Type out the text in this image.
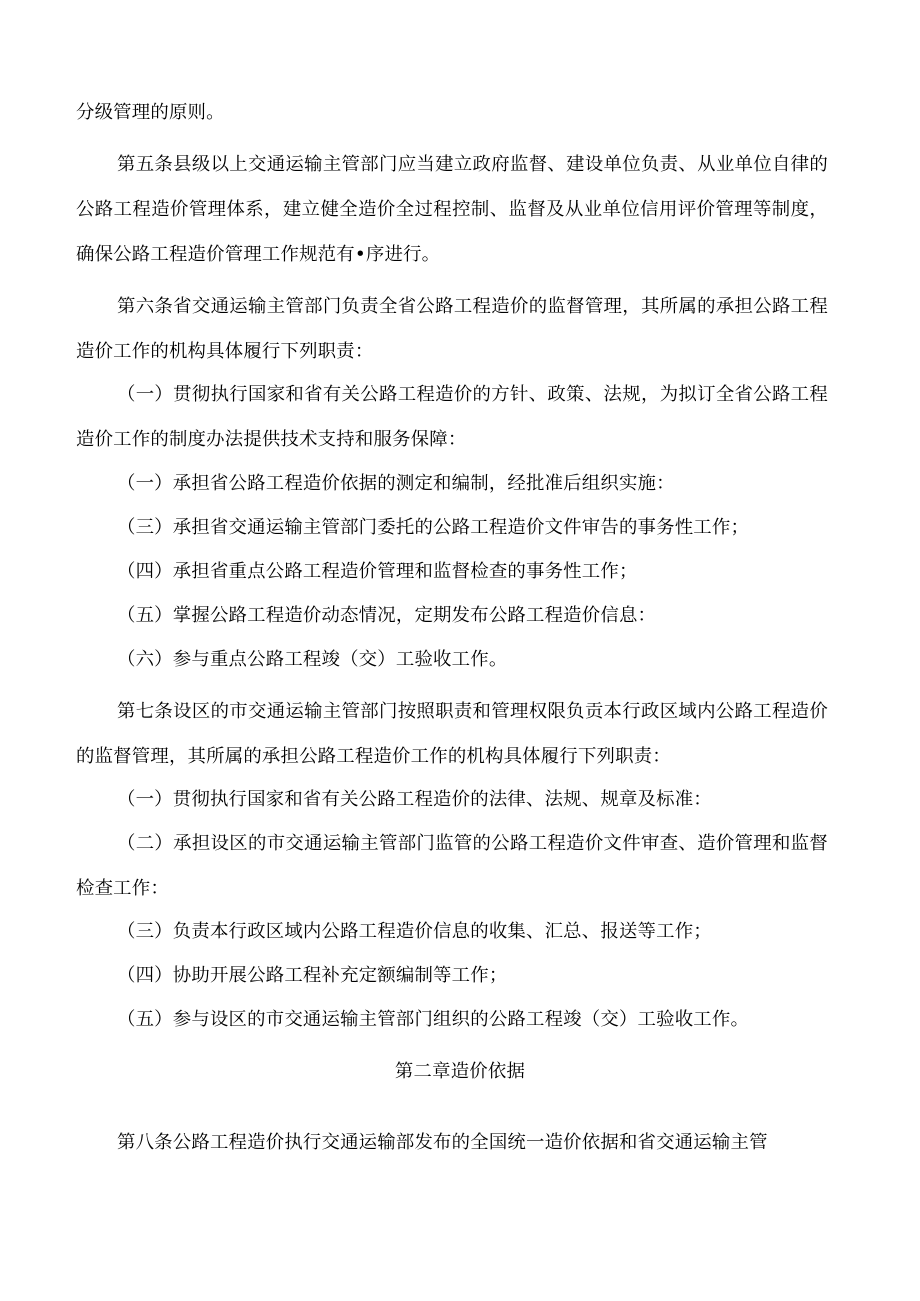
分级管理的原则。

第五条县级以上交通运输主管部门应当建立政府监督、建设单位负责、从业单位自律的公路工程造价管理体系，建立健全造价全过程控制、监督及从业单位信用评价管理等制度，确保公路工程造价管理工作规范有•序进行。

第六条省交通运输主管部门负责全省公路工程造价的监督管理，其所属的承担公路工程造价工作的机构具体履行下列职责：

（一）贯彻执行国家和省有关公路工程造价的方针、政策、法规，为拟订全省公路工程造价工作的制度办法提供技术支持和服务保障：

（一）承担省公路工程造价依据的测定和编制，经批准后组织实施：

（三）承担省交通运输主管部门委托的公路工程造价文件审告的事务性工作；

（四）承担省重点公路工程造价管理和监督检查的事务性工作；

（五）掌握公路工程造价动态情况，定期发布公路工程造价信息：

（六）参与重点公路工程竣（交）工验收工作。

第七条设区的市交通运输主管部门按照职责和管理权限负贡本行政区域内公路工程造价的监督管理，其所属的承担公路工程造价工作的机构具体履行下列职责：

（一）贯彻执行国家和省有关公路工程造价的法律、法规、规章及标准：

（二）承担设区的市交通运输主管部门监管的公路工程造价文件审查、造价管理和监督检查工作：

（三）负责本行政区域内公路工程造价信息的收集、汇总、报送等工作；

（四）协助开展公路工程补充定额编制等工作；

（五）参与设区的市交通运输主管部门组织的公路工程竣（交）工验收工作。

第二章造价依据

第八条公路工程造价执行交通运输部发布的全国统一造价依据和省交通运输主管
